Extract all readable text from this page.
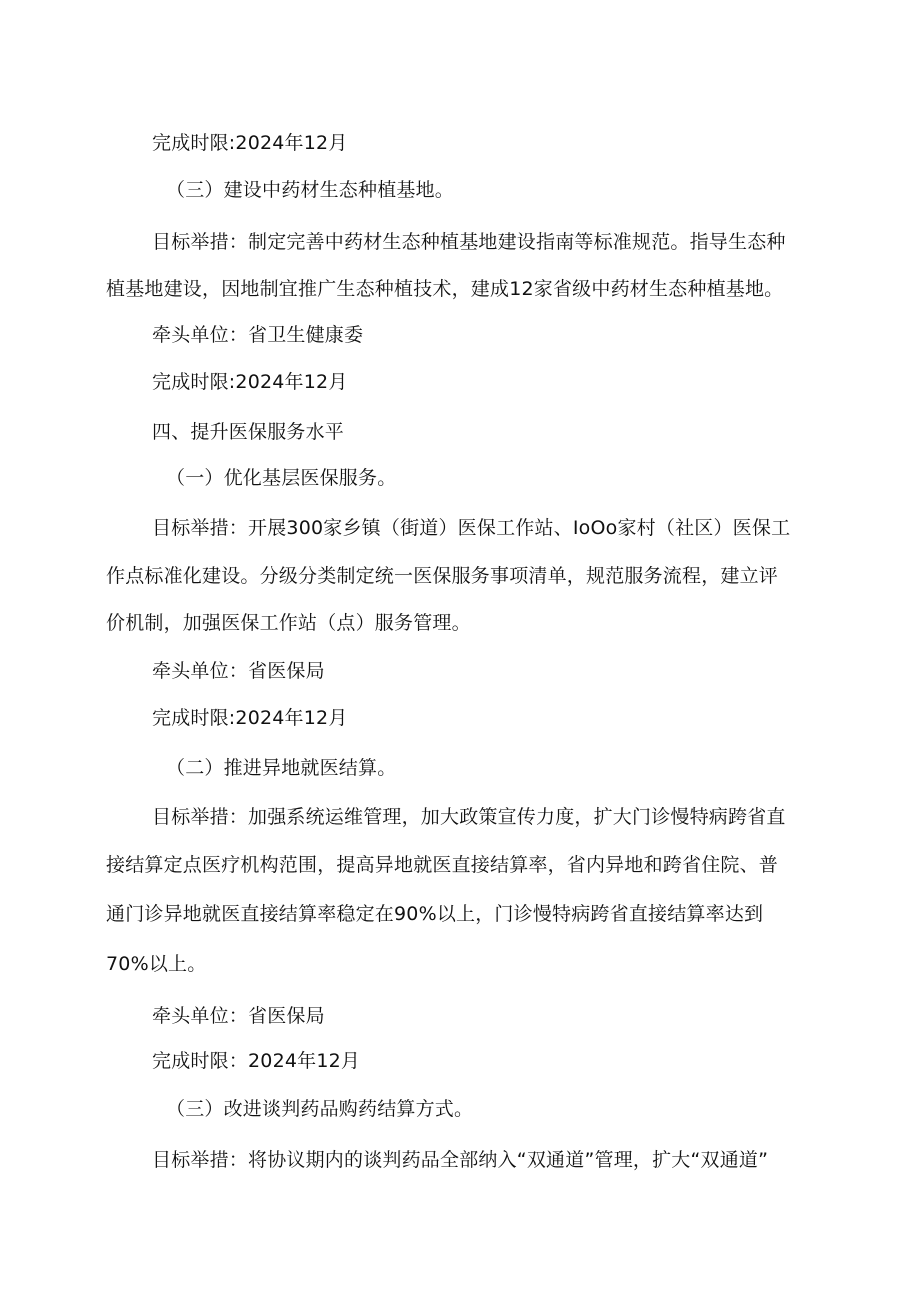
完成时限:2024年12月
（三）建设中药材生态种植基地。
目标举措：制定完善中药材生态种植基地建设指南等标准规范。指导生态种
植基地建设，因地制宜推广生态种植技术，建成12家省级中药材生态种植基地。
牵头单位：省卫生健康委
完成时限:2024年12月
四、提升医保服务水平
（一）优化基层医保服务。
目标举措：开展300家乡镇（街道）医保工作站、IoOo家村（社区）医保工
作点标准化建设。分级分类制定统一医保服务事项清单，规范服务流程，建立评
价机制，加强医保工作站（点）服务管理。
牵头单位：省医保局
完成时限:2024年12月
（二）推进异地就医结算。
目标举措：加强系统运维管理，加大政策宣传力度，扩大门诊慢特病跨省直
接结算定点医疗机构范围，提高异地就医直接结算率，省内异地和跨省住院、普
通门诊异地就医直接结算率稳定在90%以上，门诊慢特病跨省直接结算率达到
70%以上。
牵头单位：省医保局
完成时限：2024年12月
（三）改进谈判药品购药结算方式。
目标举措：将协议期内的谈判药品全部纳入“双通道”管理，扩大“双通道”
